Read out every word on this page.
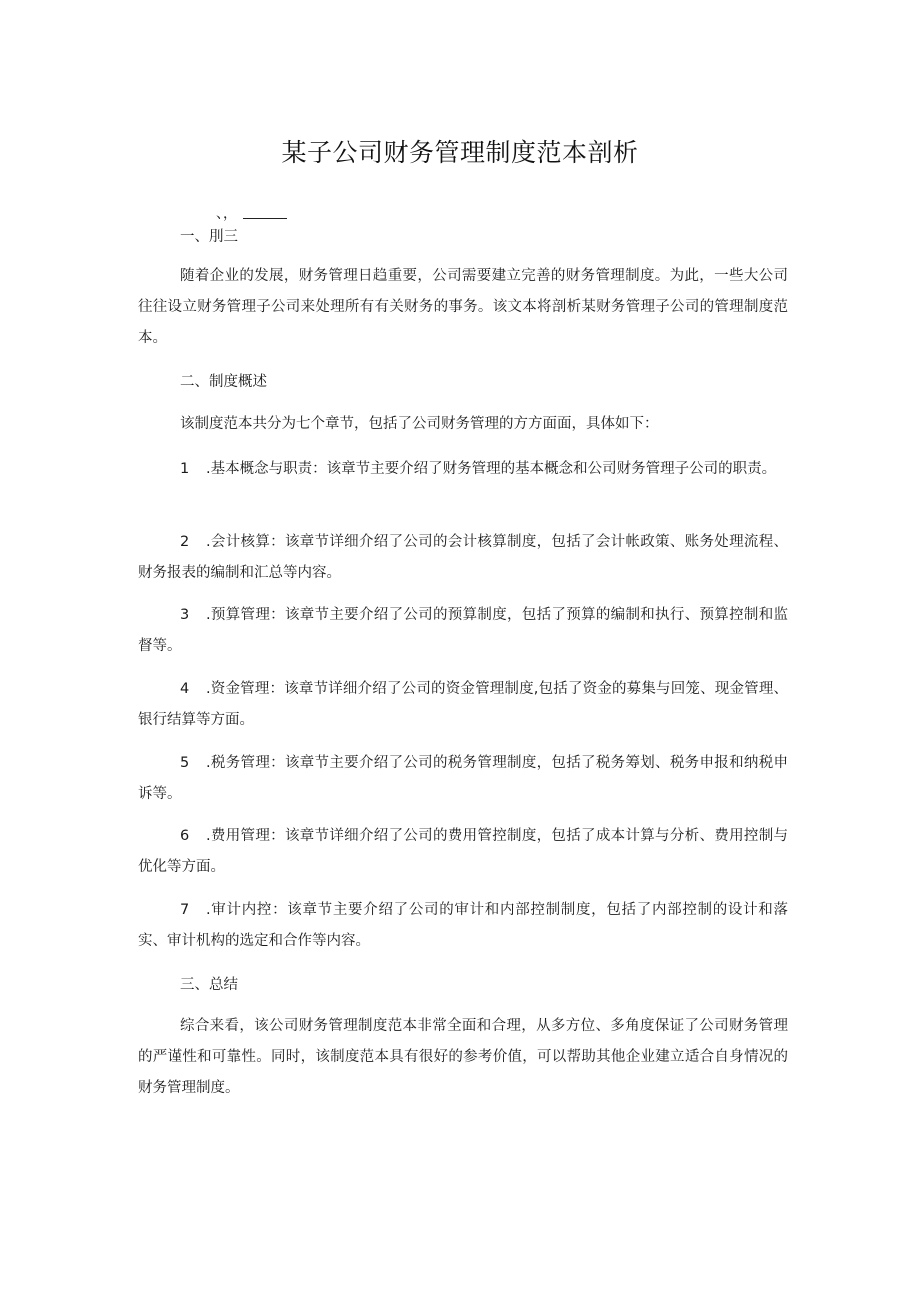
某子公司财务管理制度范本剖析
、，
一、刖三
随着企业的发展，财务管理日趋重要，公司需要建立完善的财务管理制度。为此，一些大公司往往设立财务管理子公司来处理所有有关财务的事务。该文本将剖析某财务管理子公司的管理制度范本。
二、制度概述
该制度范本共分为七个章节，包括了公司财务管理的方方面面，具体如下：
1 .基本概念与职责：该章节主要介绍了财务管理的基本概念和公司财务管理子公司的职责。
2 .会计核算：该章节详细介绍了公司的会计核算制度，包括了会计帐政策、账务处理流程、财务报表的编制和汇总等内容。
3 .预算管理：该章节主要介绍了公司的预算制度，包括了预算的编制和执行、预算控制和监督等。
4 .资金管理：该章节详细介绍了公司的资金管理制度,包括了资金的募集与回笼、现金管理、银行结算等方面。
5 .税务管理：该章节主要介绍了公司的税务管理制度，包括了税务筹划、税务申报和纳税申诉等。
6 .费用管理：该章节详细介绍了公司的费用管控制度，包括了成本计算与分析、费用控制与优化等方面。
7 .审计内控：该章节主要介绍了公司的审计和内部控制制度，包括了内部控制的设计和落实、审计机构的选定和合作等内容。
三、总结
综合来看，该公司财务管理制度范本非常全面和合理，从多方位、多角度保证了公司财务管理的严谨性和可靠性。同时，该制度范本具有很好的参考价值，可以帮助其他企业建立适合自身情况的财务管理制度。
